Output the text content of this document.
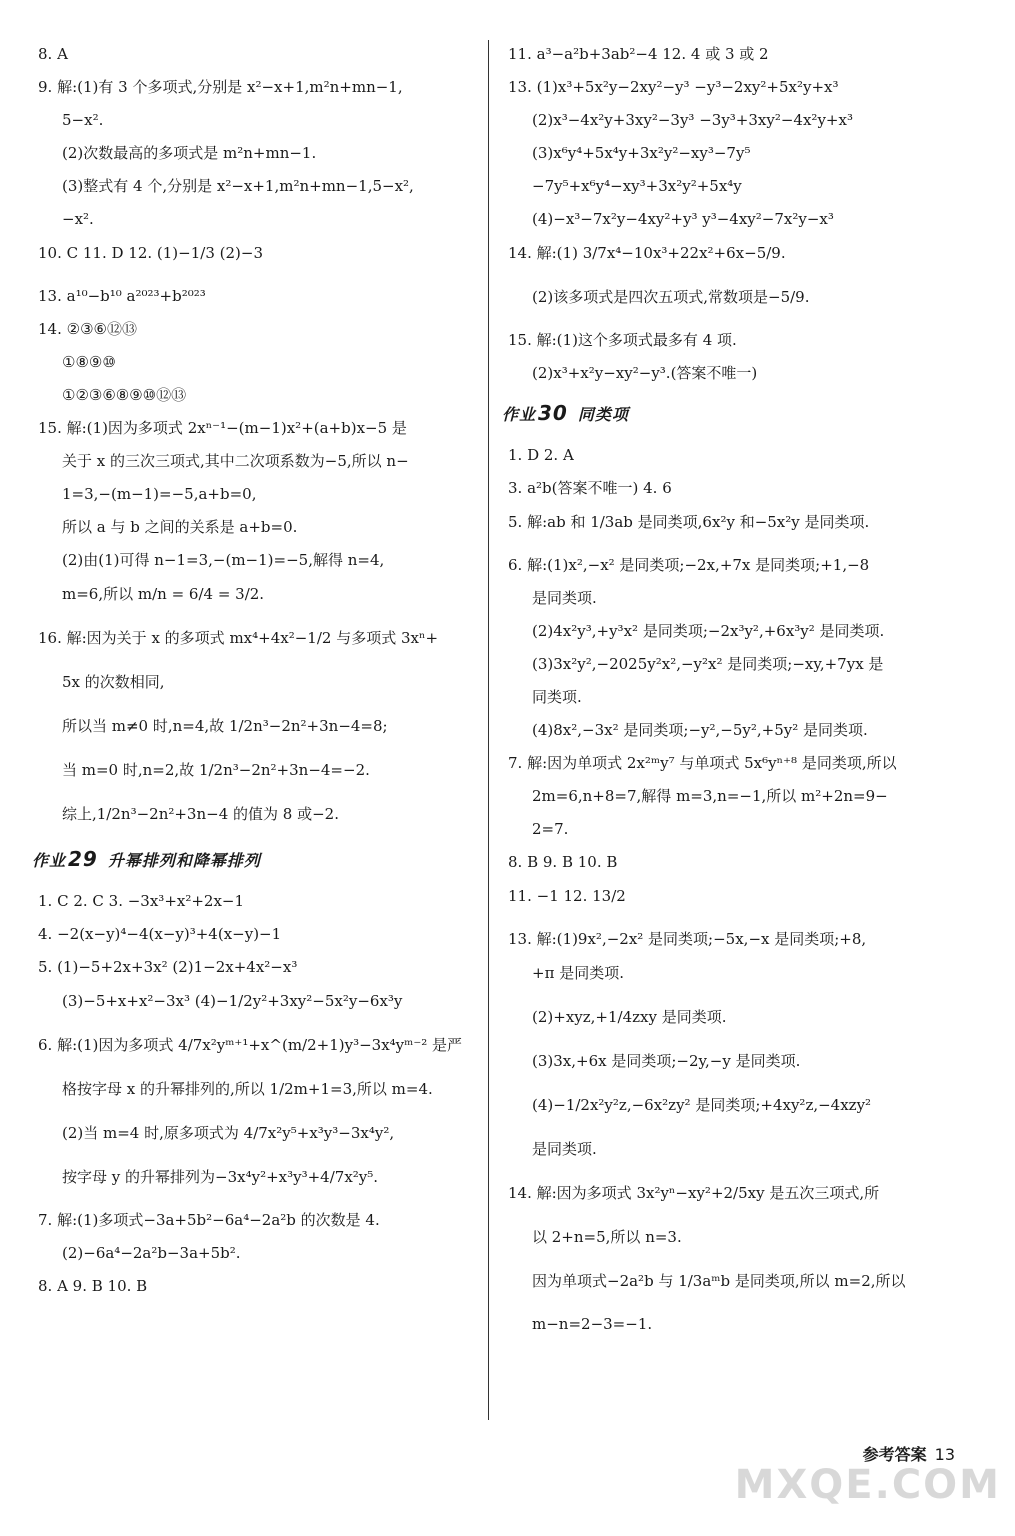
8. A
9. 解:(1)有 3 个多项式,分别是 x²−x+1,m²n+mn−1,
5−x².
(2)次数最高的多项式是 m²n+mn−1.
(3)整式有 4 个,分别是 x²−x+1,m²n+mn−1,5−x²,
−x².
10. C 11. D 12. (1)−1/3 (2)−3
13. a¹⁰−b¹⁰ a²⁰²³+b²⁰²³
14. ②③⑥⑫⑬
①⑧⑨⑩
①②③⑥⑧⑨⑩⑫⑬
15. 解:(1)因为多项式 2xⁿ⁻¹−(m−1)x²+(a+b)x−5 是
关于 x 的三次三项式,其中二次项系数为−5,所以 n−
1=3,−(m−1)=−5,a+b=0,
所以 a 与 b 之间的关系是 a+b=0.
(2)由(1)可得 n−1=3,−(m−1)=−5,解得 n=4,
m=6,所以 m/n = 6/4 = 3/2.
16. 解:因为关于 x 的多项式 mx⁴+4x²−1/2 与多项式 3xⁿ+
5x 的次数相同,
所以当 m≠0 时,n=4,故 1/2n³−2n²+3n−4=8;
当 m=0 时,n=2,故 1/2n³−2n²+3n−4=−2.
综上,1/2n³−2n²+3n−4 的值为 8 或−2.
作业 29 升幂排列和降幂排列
1. C 2. C 3. −3x³+x²+2x−1
4. −2(x−y)⁴−4(x−y)³+4(x−y)−1
5. (1)−5+2x+3x² (2)1−2x+4x²−x³
(3)−5+x+x²−3x³ (4)−1/2y²+3xy²−5x²y−6x³y
6. 解:(1)因为多项式 4/7x²yᵐ⁺¹+x^(m/2+1)y³−3x⁴yᵐ⁻² 是严
格按字母 x 的升幂排列的,所以 1/2m+1=3,所以 m=4.
(2)当 m=4 时,原多项式为 4/7x²y⁵+x³y³−3x⁴y²,
按字母 y 的升幂排列为−3x⁴y²+x³y³+4/7x²y⁵.
7. 解:(1)多项式−3a+5b²−6a⁴−2a²b 的次数是 4.
(2)−6a⁴−2a²b−3a+5b².
8. A 9. B 10. B
11. a³−a²b+3ab²−4 12. 4 或 3 或 2
13. (1)x³+5x²y−2xy²−y³ −y³−2xy²+5x²y+x³
(2)x³−4x²y+3xy²−3y³ −3y³+3xy²−4x²y+x³
(3)x⁶y⁴+5x⁴y+3x²y²−xy³−7y⁵
−7y⁵+x⁶y⁴−xy³+3x²y²+5x⁴y
(4)−x³−7x²y−4xy²+y³ y³−4xy²−7x²y−x³
14. 解:(1) 3/7x⁴−10x³+22x²+6x−5/9.
(2)该多项式是四次五项式,常数项是−5/9.
15. 解:(1)这个多项式最多有 4 项.
(2)x³+x²y−xy²−y³.(答案不唯一)
作业 30 同类项
1. D 2. A
3. a²b(答案不唯一) 4. 6
5. 解:ab 和 1/3ab 是同类项,6x²y 和−5x²y 是同类项.
6. 解:(1)x²,−x² 是同类项;−2x,+7x 是同类项;+1,−8
是同类项.
(2)4x²y³,+y³x² 是同类项;−2x³y²,+6x³y² 是同类项.
(3)3x²y²,−2025y²x²,−y²x² 是同类项;−xy,+7yx 是
同类项.
(4)8x²,−3x² 是同类项;−y²,−5y²,+5y² 是同类项.
7. 解:因为单项式 2x²ᵐy⁷ 与单项式 5x⁶yⁿ⁺⁸ 是同类项,所以
2m=6,n+8=7,解得 m=3,n=−1,所以 m²+2n=9−
2=7.
8. B 9. B 10. B
11. −1 12. 13/2
13. 解:(1)9x²,−2x² 是同类项;−5x,−x 是同类项;+8,
+π 是同类项.
(2)+xyz,+1/4zxy 是同类项.
(3)3x,+6x 是同类项;−2y,−y 是同类项.
(4)−1/2x²y²z,−6x²zy² 是同类项;+4xy²z,−4xzy²
是同类项.
14. 解:因为多项式 3x²yⁿ−xy²+2/5xy 是五次三项式,所
以 2+n=5,所以 n=3.
因为单项式−2a²b 与 1/3aᵐb 是同类项,所以 m=2,所以
m−n=2−3=−1.
参考答案 13
MXQE.COM
